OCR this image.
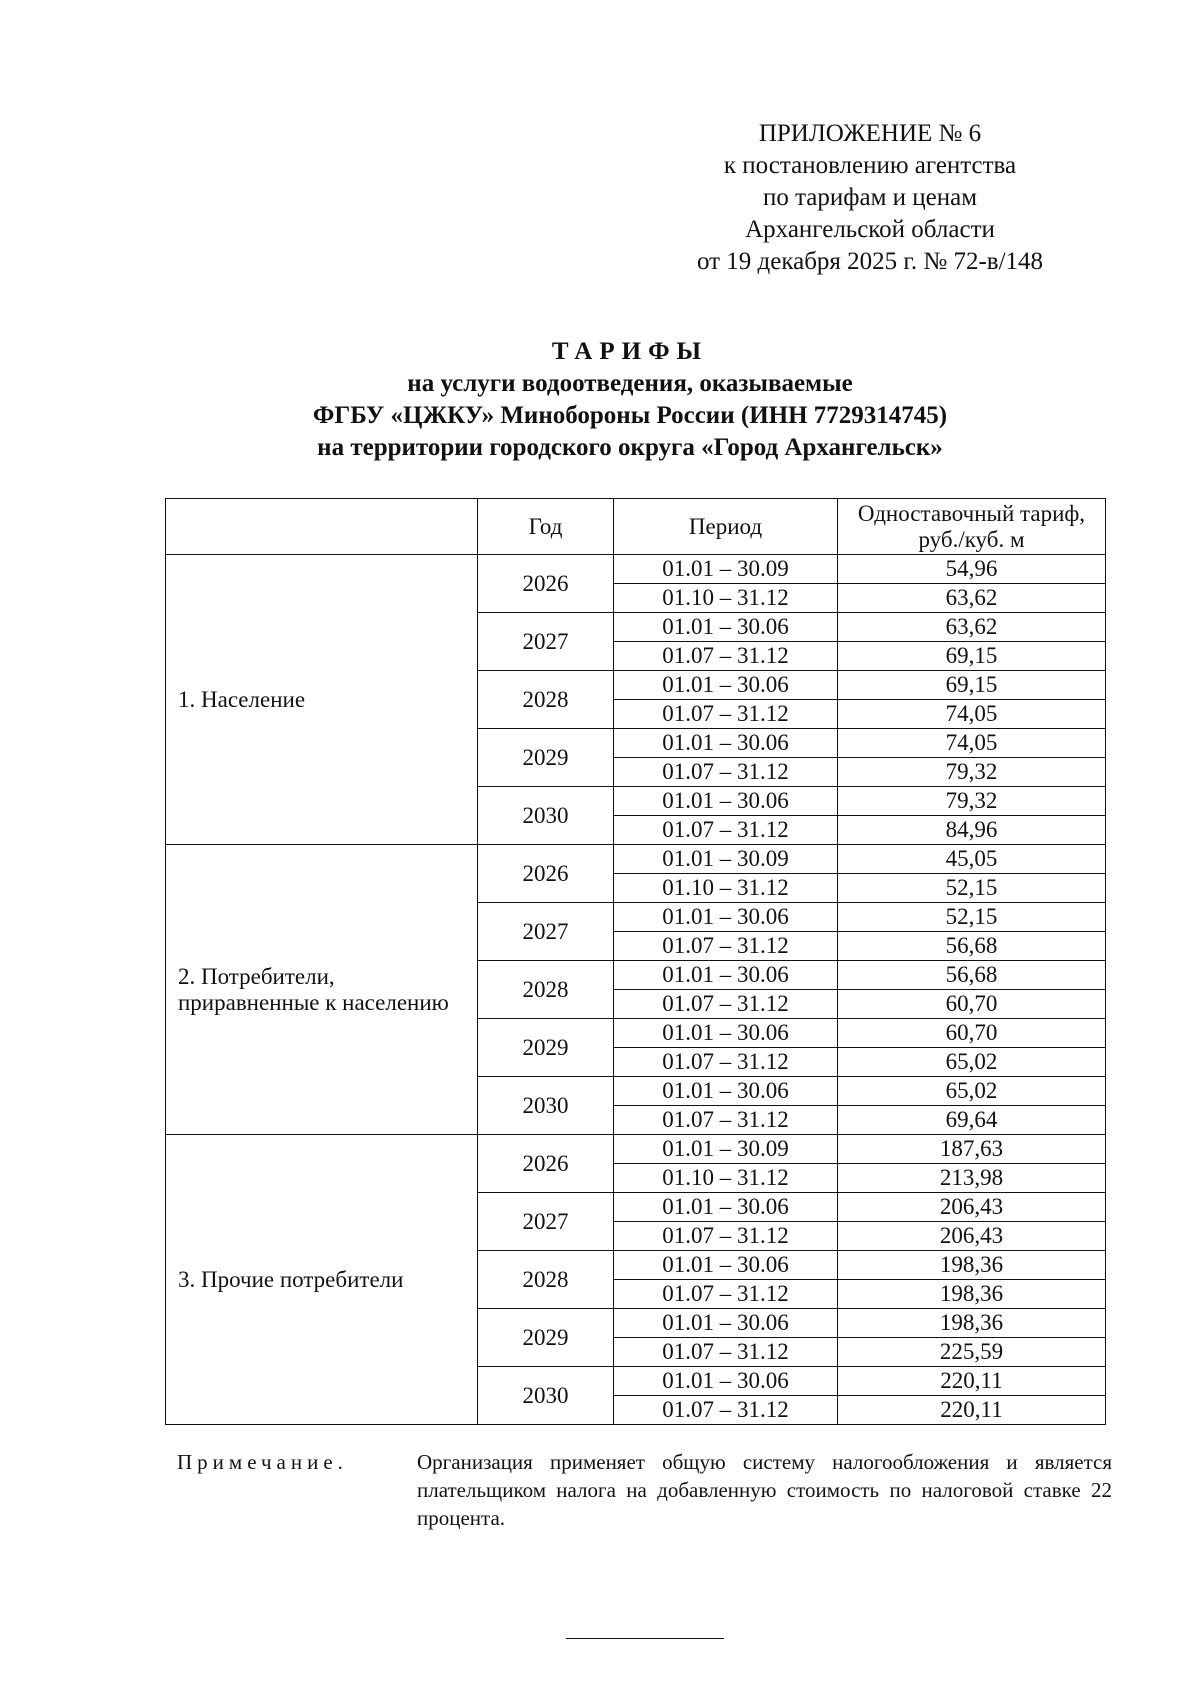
ПРИЛОЖЕНИЕ № 6
к постановлению агентства
по тарифам и ценам
Архангельской области
от 19 декабря 2025 г. № 72-в/148
ТАРИФЫ
на услуги водоотведения, оказываемые
ФГБУ «ЦЖКУ» Минобороны России (ИНН 7729314745)
на территории городского округа «Город Архангельск»
	Год	Период	Одноставочный тариф,
руб./куб. м

1. Население	2026	01.01 – 30.09	54,96
		01.10 – 31.12	63,62
	2027	01.01 – 30.06	63,62
		01.07 – 31.12	69,15
	2028	01.01 – 30.06	69,15
		01.07 – 31.12	74,05
	2029	01.01 – 30.06	74,05
		01.07 – 31.12	79,32
	2030	01.01 – 30.06	79,32
		01.07 – 31.12	84,96

2. Потребители,
приравненные к населению	2026	01.01 – 30.09	45,05
		01.10 – 31.12	52,15
	2027	01.01 – 30.06	52,15
		01.07 – 31.12	56,68
	2028	01.01 – 30.06	56,68
		01.07 – 31.12	60,70
	2029	01.01 – 30.06	60,70
		01.07 – 31.12	65,02
	2030	01.01 – 30.06	65,02
		01.07 – 31.12	69,64

3. Прочие потребители	2026	01.01 – 30.09	187,63
		01.10 – 31.12	213,98
	2027	01.01 – 30.06	206,43
		01.07 – 31.12	206,43
	2028	01.01 – 30.06	198,36
		01.07 – 31.12	198,36
	2029	01.01 – 30.06	198,36
		01.07 – 31.12	225,59
	2030	01.01 – 30.06	220,11
		01.07 – 31.12	220,11
Примечание.	Организация применяет общую систему налогообложения и является плательщиком налога на добавленную стоимость по налоговой ставке 22 процента.
